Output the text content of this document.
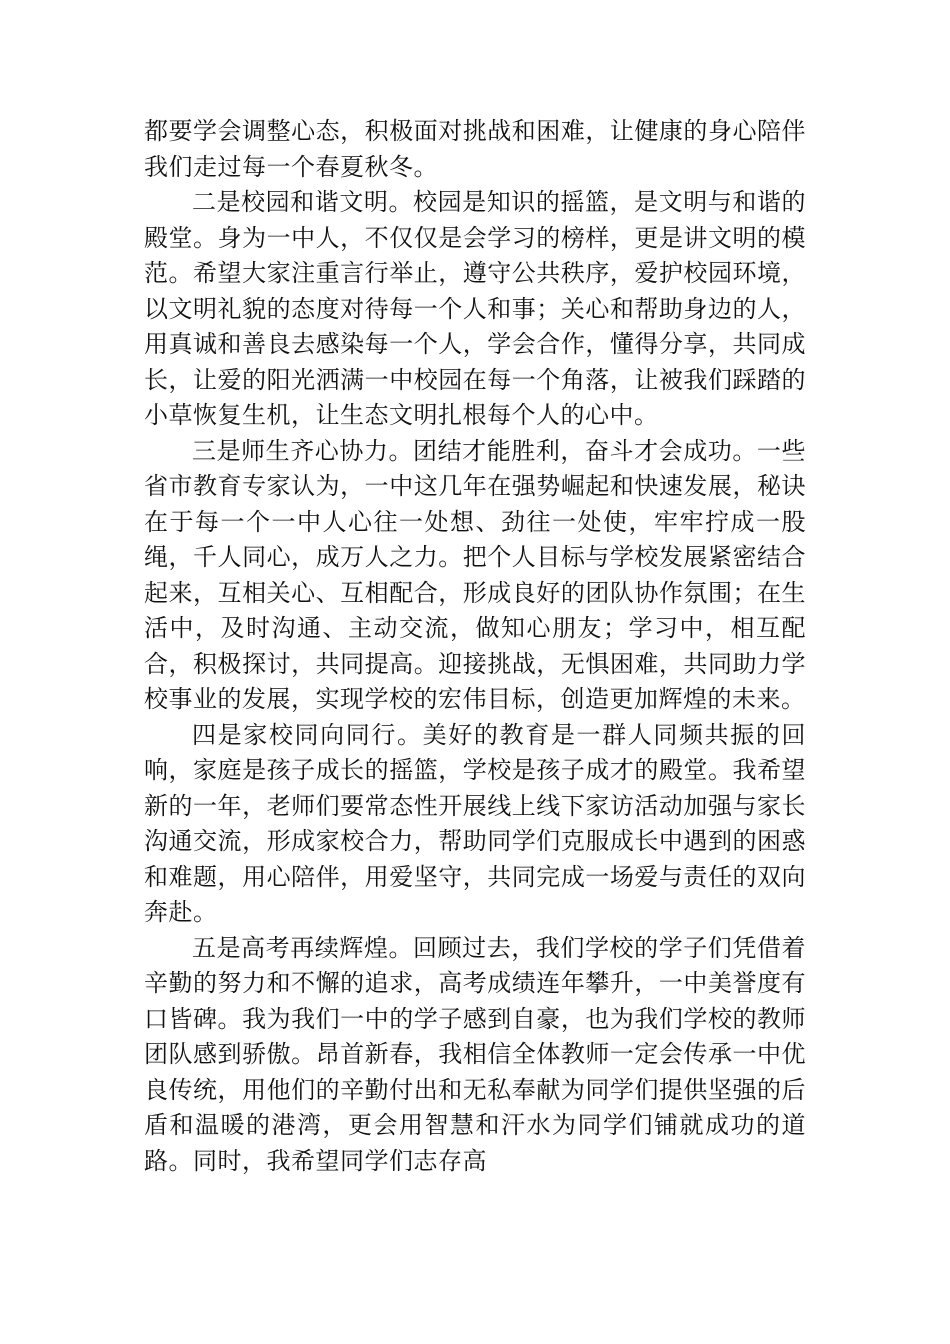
都要学会调整心态，积极面对挑战和困难，让健康的身心陪伴我们走过每一个春夏秋冬。

二是校园和谐文明。校园是知识的摇篮，是文明与和谐的殿堂。身为一中人，不仅仅是会学习的榜样，更是讲文明的模范。希望大家注重言行举止，遵守公共秩序，爱护校园环境，以文明礼貌的态度对待每一个人和事；关心和帮助身边的人，用真诚和善良去感染每一个人，学会合作，懂得分享，共同成长，让爱的阳光洒满一中校园在每一个角落，让被我们踩踏的小草恢复生机，让生态文明扎根每个人的心中。

三是师生齐心协力。团结才能胜利，奋斗才会成功。一些省市教育专家认为，一中这几年在强势崛起和快速发展，秘诀在于每一个一中人心往一处想、劲往一处使，牢牢拧成一股绳，千人同心，成万人之力。把个人目标与学校发展紧密结合起来，互相关心、互相配合，形成良好的团队协作氛围；在生活中，及时沟通、主动交流，做知心朋友；学习中，相互配合，积极探讨，共同提高。迎接挑战，无惧困难，共同助力学校事业的发展，实现学校的宏伟目标，创造更加辉煌的未来。

四是家校同向同行。美好的教育是一群人同频共振的回响，家庭是孩子成长的摇篮，学校是孩子成才的殿堂。我希望新的一年，老师们要常态性开展线上线下家访活动加强与家长沟通交流，形成家校合力，帮助同学们克服成长中遇到的困惑和难题，用心陪伴，用爱坚守，共同完成一场爱与责任的双向奔赴。

五是高考再续辉煌。回顾过去，我们学校的学子们凭借着辛勤的努力和不懈的追求，高考成绩连年攀升，一中美誉度有口皆碑。我为我们一中的学子感到自豪，也为我们学校的教师团队感到骄傲。昂首新春，我相信全体教师一定会传承一中优良传统，用他们的辛勤付出和无私奉献为同学们提供坚强的后盾和温暖的港湾，更会用智慧和汗水为同学们铺就成功的道路。同时，我希望同学们志存高
